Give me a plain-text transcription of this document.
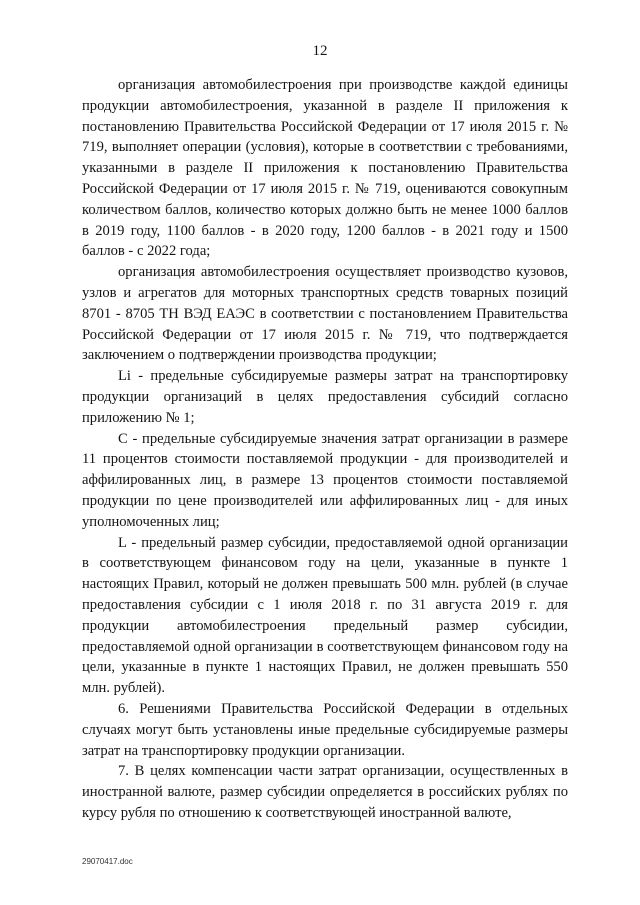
12

организация автомобилестроения при производстве каждой единицы продукции автомобилестроения, указанной в разделе II приложения к постановлению Правительства Российской Федерации от 17 июля 2015 г. № 719, выполняет операции (условия), которые в соответствии с требованиями, указанными в разделе II приложения к постановлению Правительства Российской Федерации от 17 июля 2015 г. № 719, оцениваются совокупным количеством баллов, количество которых должно быть не менее 1000 баллов в 2019 году, 1100 баллов - в 2020 году, 1200 баллов - в 2021 году и 1500 баллов - с 2022 года;

организация автомобилестроения осуществляет производство кузовов, узлов и агрегатов для моторных транспортных средств товарных позиций 8701 - 8705 ТН ВЭД ЕАЭС в соответствии с постановлением Правительства Российской Федерации от 17 июля 2015 г. № 719, что подтверждается заключением о подтверждении производства продукции;

Li - предельные субсидируемые размеры затрат на транспортировку продукции организаций в целях предоставления субсидий согласно приложению № 1;

C - предельные субсидируемые значения затрат организации в размере 11 процентов стоимости поставляемой продукции - для производителей и аффилированных лиц, в размере 13 процентов стоимости поставляемой продукции по цене производителей или аффилированных лиц - для иных уполномоченных лиц;

L - предельный размер субсидии, предоставляемой одной организации в соответствующем финансовом году на цели, указанные в пункте 1 настоящих Правил, который не должен превышать 500 млн. рублей (в случае предоставления субсидии с 1 июля 2018 г. по 31 августа 2019 г. для продукции автомобилестроения предельный размер субсидии, предоставляемой одной организации в соответствующем финансовом году на цели, указанные в пункте 1 настоящих Правил, не должен превышать 550 млн. рублей).

6. Решениями Правительства Российской Федерации в отдельных случаях могут быть установлены иные предельные субсидируемые размеры затрат на транспортировку продукции организации.

7. В целях компенсации части затрат организации, осуществленных в иностранной валюте, размер субсидии определяется в российских рублях по курсу рубля по отношению к соответствующей иностранной валюте,

29070417.doc
